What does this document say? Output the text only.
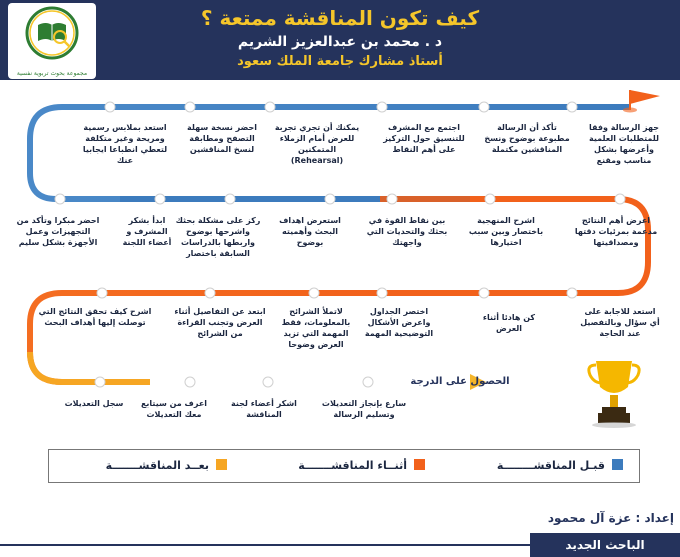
مجموعة بحوث تربوية نفسية
كيف تكون المناقشة ممتعة ؟
د . محمد بن عبدالعزيز الشريم
أستاذ مشارك جامعة الملك سعود
جهز الرسالة وفقا للمتطلبات العلمية وأعرضها بشكل مناسب ومقنع
تأكد أن الرسالة مطبوعة بوضوح ونسخ المناقشين مكتملة
اجتمع مع المشرف للتنسيق حول التركيز على أهم النقاط
يمكنك أن تجري تجربة للعرض أمام الزملاء المتمكنين (Rehearsal)
احضر نسخة سهلة التصفح ومطابقة لنسخ المناقشين
استعد بملابس رسمية ومريحة وغير متكلفة لتعطي انطباعا ايجابيا عنك
اعرض أهم النتائج مدعمة بمرئيات دقتها ومصداقيتها
اشرح المنهجية باختصار وبين سبب اختيارها
بين نقاط القوة في بحثك والتحديات التي واجهتك
استعرض اهداف البحث وأهميته بوضوح
ركز على مشكلة بحثك واشرحها بوضوح واربطها بالدراسات السابقة باختصار
ابدأ بشكر المشرف و أعضاء اللجنة
احضر مبكرا وتأكد من التجهيزات وعمل الأجهزة بشكل سليم
استعد للاجابة على أي سؤال وبالتفصيل عند الحاجة
كن هادئا أثناء العرض
اختصر الجداول واعرض الأشكال التوضيحية المهمة
لاتملأ الشرائح بالمعلومات، فقط المهمة التي تزيد العرض وضوحا
ابتعد عن التفاصيل أثناء العرض وتجنب القراءة من الشرائح
اشرح كيف تحقق النتائج التي توصلت إليها أهداف البحث
الحصول على الدرجة
سارع بإنجاز التعديلات وتسليم الرسالة
اشكر أعضاء لجنة المناقشة
اعرف من سيتابع معك التعديلات
سجل التعديلات
قبـل المناقشــــــــة
أثنــاء المناقشـــــــة
بعــد المناقشـــــــة
إعداد : عزة آل محمود
الباحث الجديد
